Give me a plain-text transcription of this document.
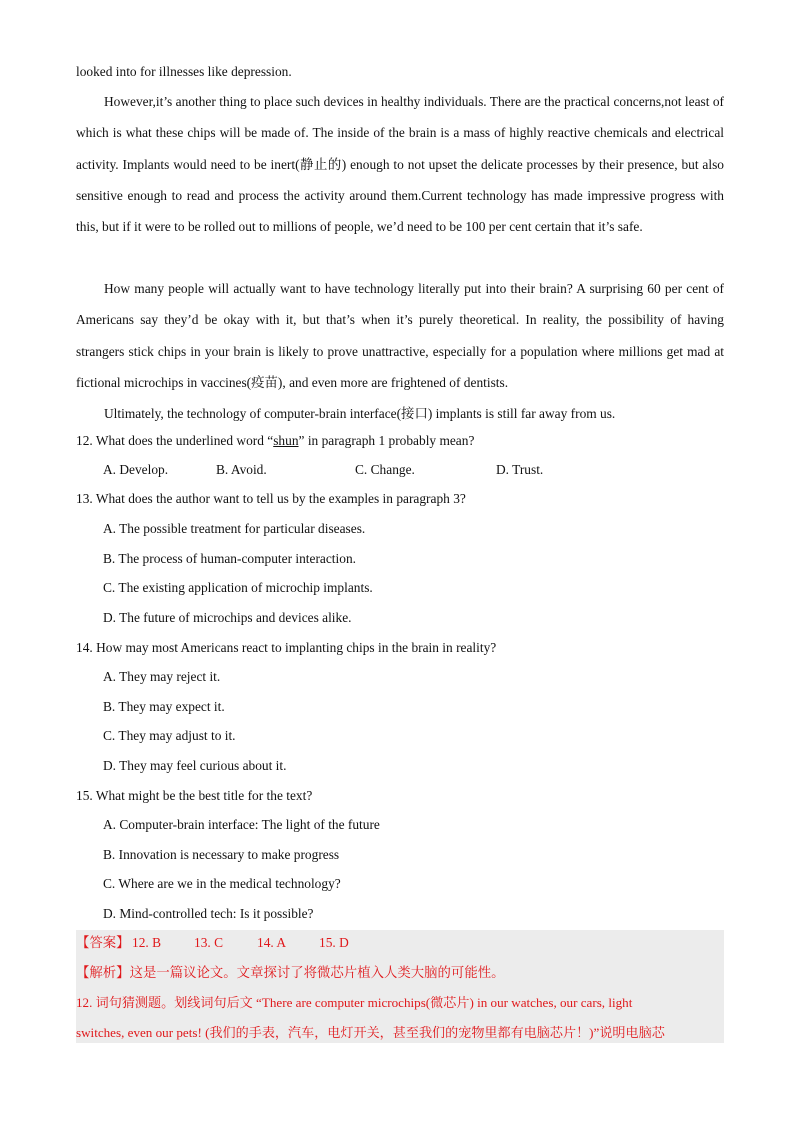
looked into for illnesses like depression.
However,it’s another thing to place such devices in healthy individuals. There are the practical concerns,not least of which is what these chips will be made of. The inside of the brain is a mass of highly reactive chemicals and electrical activity. Implants would need to be inert(静止的) enough to not upset the delicate processes by their presence, but also sensitive enough to read and process the activity around them.Current technology has made impressive progress with this, but if it were to be rolled out to millions of people, we’d need to be 100 per cent certain that it’s safe.
How many people will actually want to have technology literally put into their brain? A surprising 60 per cent of Americans say they’d be okay with it, but that’s when it’s purely theoretical. In reality, the possibility of having strangers stick chips in your brain is likely to prove unattractive, especially for a population where millions get mad at fictional microchips in vaccines(疫苗), and even more are frightened of dentists.
Ultimately, the technology of computer-brain interface(接口) implants is still far away from us.
12. What does the underlined word “shun” in paragraph 1 probably mean?
A. Develop.	B. Avoid.	C. Change.	D. Trust.
13. What does the author want to tell us by the examples in paragraph 3?
A. The possible treatment for particular diseases.
B. The process of human-computer interaction.
C. The existing application of microchip implants.
D. The future of microchips and devices alike.
14. How may most Americans react to implanting chips in the brain in reality?
A. They may reject it.
B. They may expect it.
C. They may adjust to it.
D. They may feel curious about it.
15. What might be the best title for the text?
A. Computer-brain interface: The light of the future
B. Innovation is necessary to make progress
C. Where are we in the medical technology?
D. Mind-controlled tech: Is it possible?
【答案】 12. B 13. C	14. A 15. D
【解析】这是一篇议论文。文章探讨了将微芯片植入人类大脑的可能性。
12. 词句猜测题。划线词句后文 “There are computer microchips(微芯片) in our watches, our cars, light
switches, even our pets! (我们的手表，汽车，电灯开关，甚至我们的宠物里都有电脑芯片！)”说明电脑芯
